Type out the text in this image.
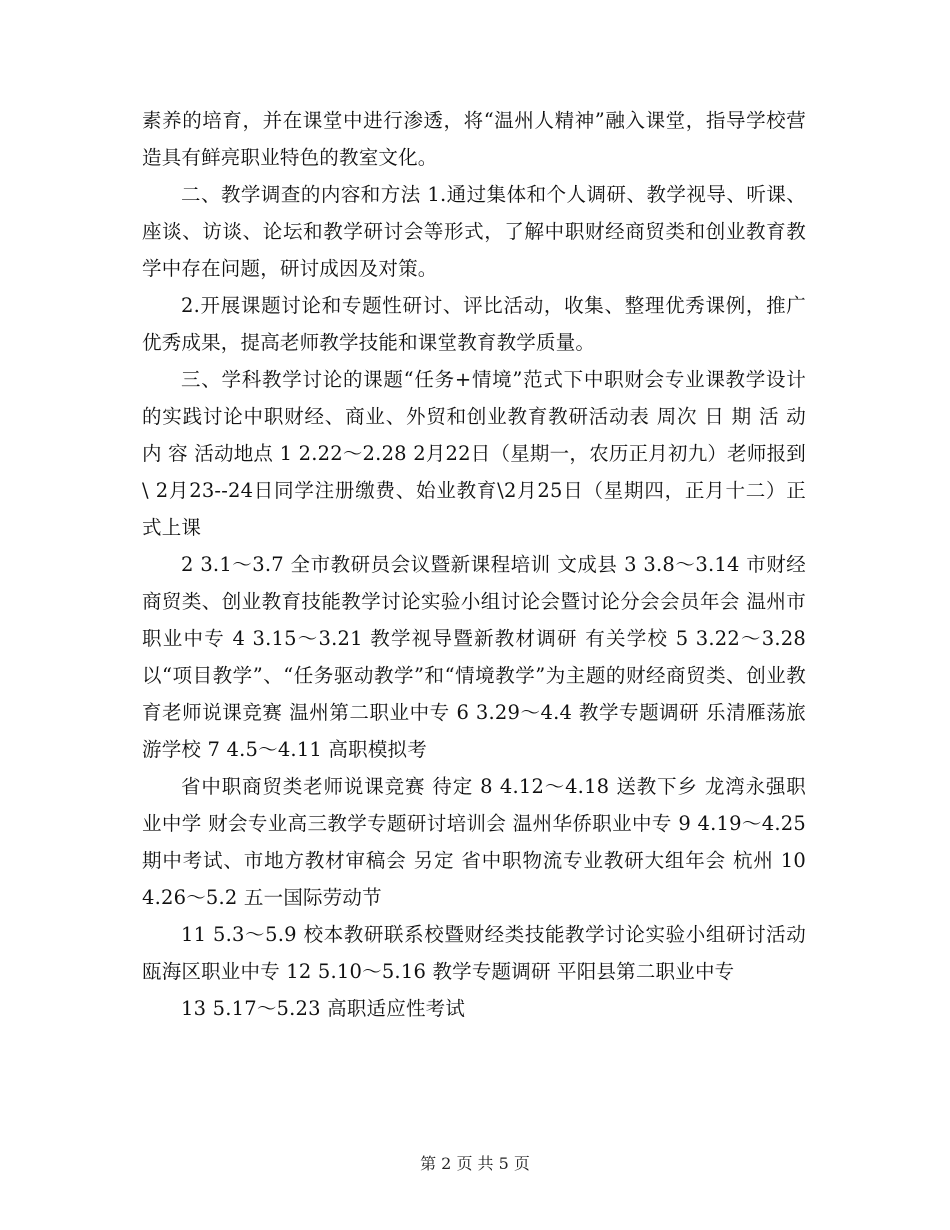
素养的培育，并在课堂中进行渗透，将“温州人精神”融入课堂，指导学校营造具有鲜亮职业特色的教室文化。

二、教学调查的内容和方法 1.通过集体和个人调研、教学视导、听课、座谈、访谈、论坛和教学研讨会等形式，了解中职财经商贸类和创业教育教学中存在问题，研讨成因及对策。

2.开展课题讨论和专题性研讨、评比活动，收集、整理优秀课例，推广优秀成果，提高老师教学技能和课堂教育教学质量。

三、学科教学讨论的课题“任务+情境”范式下中职财会专业课教学设计的实践讨论中职财经、商业、外贸和创业教育教研活动表 周次 日 期 活 动 内 容 活动地点 1 2.22～2.28 2月22日（星期一，农历正月初九）老师报到\ 2月23--24日同学注册缴费、始业教育\2月25日（星期四，正月十二）正式上课

2 3.1～3.7 全市教研员会议暨新课程培训 文成县 3 3.8～3.14 市财经商贸类、创业教育技能教学讨论实验小组讨论会暨讨论分会会员年会 温州市职业中专 4 3.15～3.21 教学视导暨新教材调研 有关学校 5 3.22～3.28 以“项目教学”、“任务驱动教学”和“情境教学”为主题的财经商贸类、创业教育老师说课竞赛 温州第二职业中专 6 3.29～4.4 教学专题调研 乐清雁荡旅游学校 7 4.5～4.11 高职模拟考

省中职商贸类老师说课竞赛 待定 8 4.12～4.18 送教下乡 龙湾永强职业中学 财会专业高三教学专题研讨培训会 温州华侨职业中专 9 4.19～4.25 期中考试、市地方教材审稿会 另定 省中职物流专业教研大组年会 杭州 10 4.26～5.2 五一国际劳动节

11 5.3～5.9 校本教研联系校暨财经类技能教学讨论实验小组研讨活动 瓯海区职业中专 12 5.10～5.16 教学专题调研 平阳县第二职业中专

13 5.17～5.23 高职适应性考试

第 2 页 共 5 页
